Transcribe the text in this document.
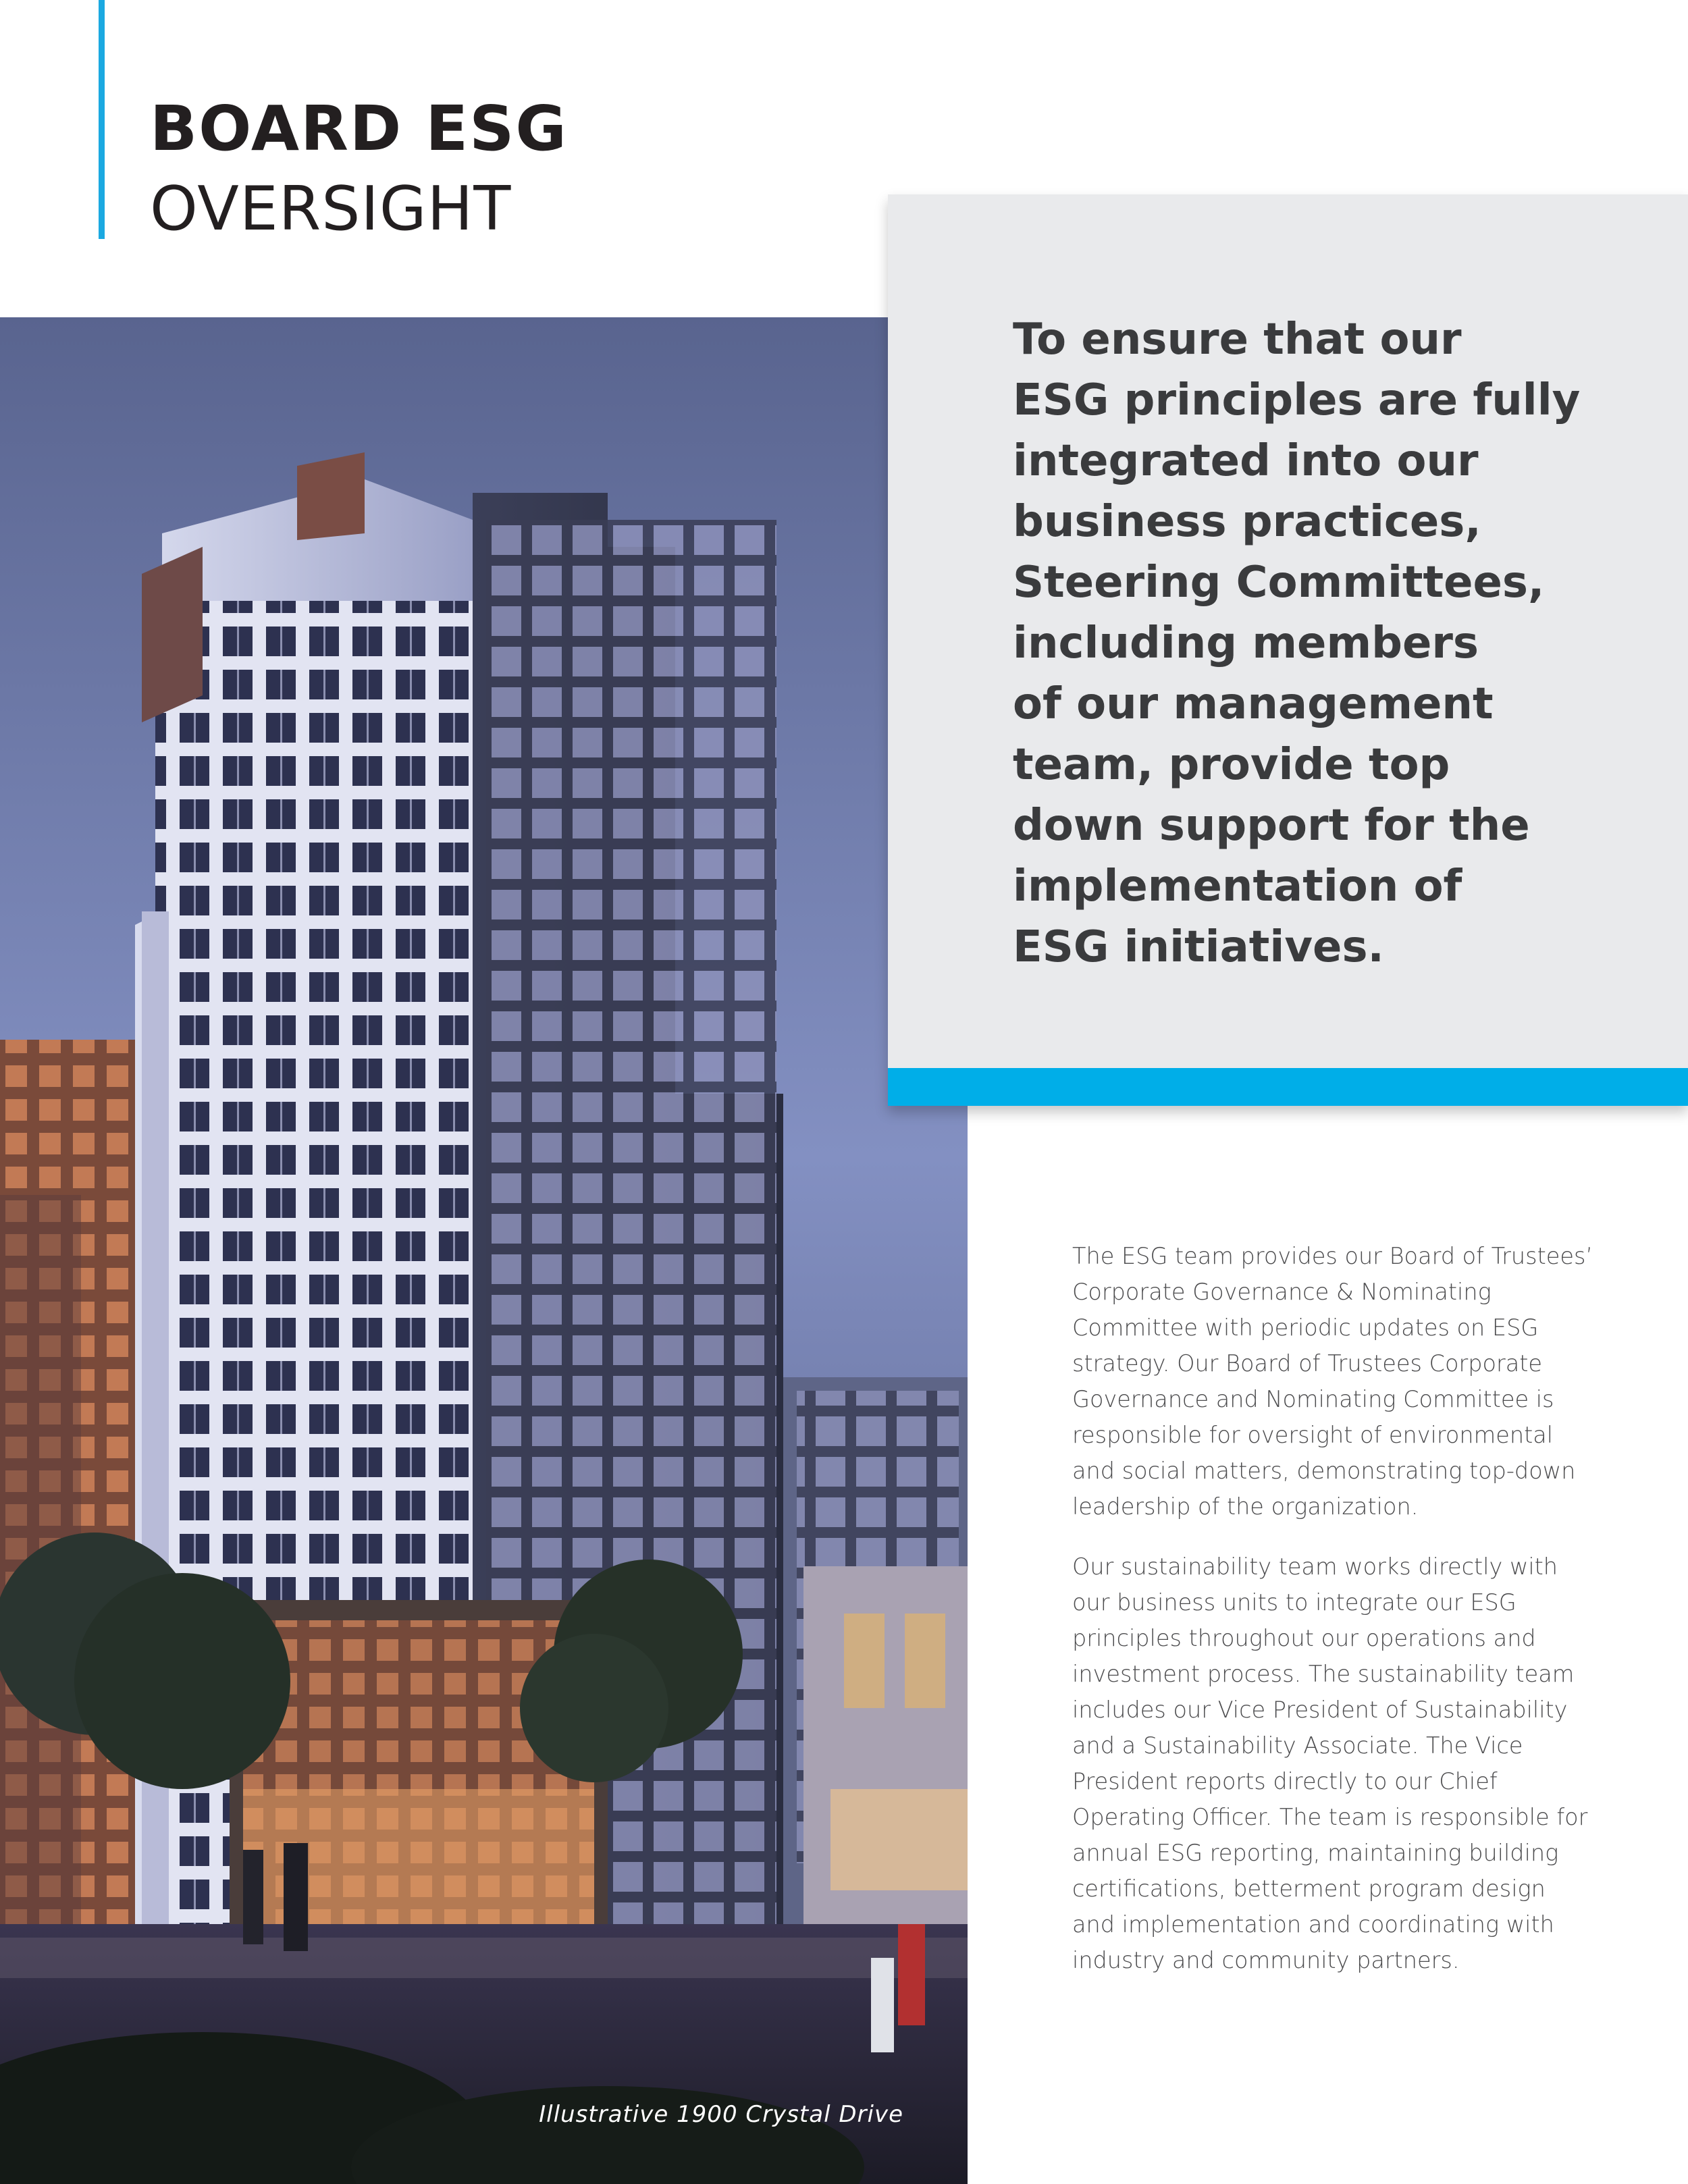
BOARD ESG
OVERSIGHT
Illustrative 1900 Crystal Drive

To ensure that our
ESG principles are fully
integrated into our
business practices,
Steering Committees,
including members
of our management
team, provide top
down support for the
implementation of
ESG initiatives.

The ESG team provides our Board of Trustees’
Corporate Governance & Nominating
Committee with periodic updates on ESG
strategy. Our Board of Trustees Corporate
Governance and Nominating Committee is
responsible for oversight of environmental
and social matters, demonstrating top-down
leadership of the organization.

Our sustainability team works directly with
our business units to integrate our ESG
principles throughout our operations and
investment process. The sustainability team
includes our Vice President of Sustainability
and a Sustainability Associate. The Vice
President reports directly to our Chief
Operating Officer. The team is responsible for
annual ESG reporting, maintaining building
certifications, betterment program design
and implementation and coordinating with
industry and community partners.
